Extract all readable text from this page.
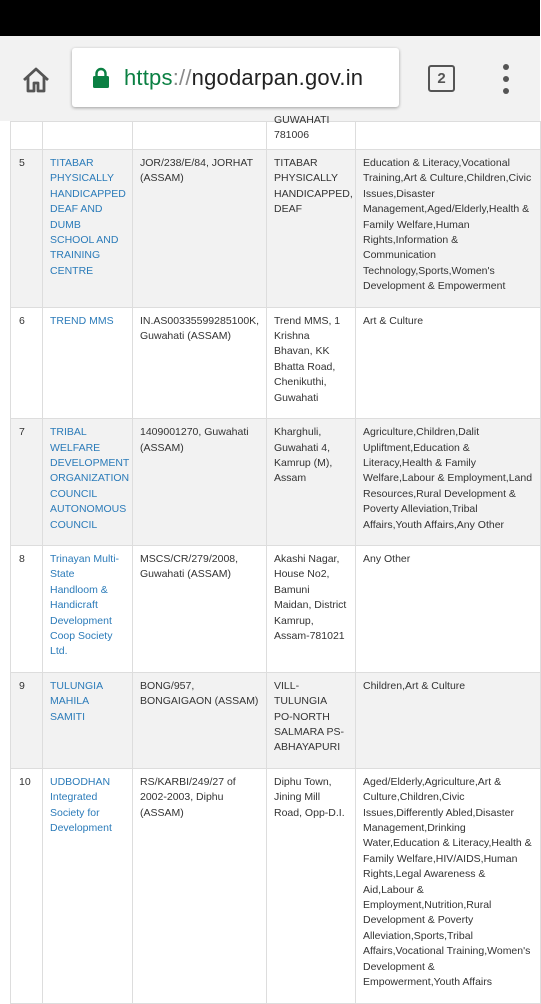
https://ngodarpan.gov.in	2

			GUWAHATI
781006	

5	TITABAR PHYSICALLY HANDICAPPED DEAF AND DUMB SCHOOL AND TRAINING CENTRE	JOR/238/E/84, JORHAT (ASSAM)	TITABAR PHYSICALLY HANDICAPPED, DEAF	Education & Literacy,Vocational Training,Art & Culture,Children,Civic Issues,Disaster Management,Aged/Elderly,Health & Family Welfare,Human Rights,Information & Communication Technology,Sports,Women's Development & Empowerment
6	TREND MMS	IN.AS00335599285100K, Guwahati (ASSAM)	Trend MMS, 1 Krishna Bhavan, KK Bhatta Road, Chenikuthi, Guwahati	Art & Culture
7	TRIBAL WELFARE DEVELOPMENT ORGANIZATION COUNCIL AUTONOMOUS COUNCIL	1409001270, Guwahati (ASSAM)	Kharghuli, Guwahati 4, Kamrup (M), Assam	Agriculture,Children,Dalit Upliftment,Education & Literacy,Health & Family Welfare,Labour & Employment,Land Resources,Rural Development & Poverty Alleviation,Tribal Affairs,Youth Affairs,Any Other
8	Trinayan Multi-State Handloom & Handicraft Development Coop Society Ltd.	MSCS/CR/279/2008, Guwahati (ASSAM)	Akashi Nagar, House No2, Bamuni Maidan, District Kamrup, Assam-781021	Any Other
9	TULUNGIA MAHILA SAMITI	BONG/957, BONGAIGAON (ASSAM)	VILL-TULUNGIA PO-NORTH SALMARA PS-ABHAYAPURI	Children,Art & Culture
10	UDBODHAN Integrated Society for Development	RS/KARBI/249/27 of 2002-2003, Diphu (ASSAM)	Diphu Town, Jining Mill Road, Opp-D.I.	Aged/Elderly,Agriculture,Art & Culture,Children,Civic Issues,Differently Abled,Disaster Management,Drinking Water,Education & Literacy,Health & Family Welfare,HIV/AIDS,Human Rights,Legal Awareness & Aid,Labour & Employment,Nutrition,Rural Development & Poverty Alleviation,Sports,Tribal Affairs,Vocational Training,Women's Development & Empowerment,Youth Affairs
